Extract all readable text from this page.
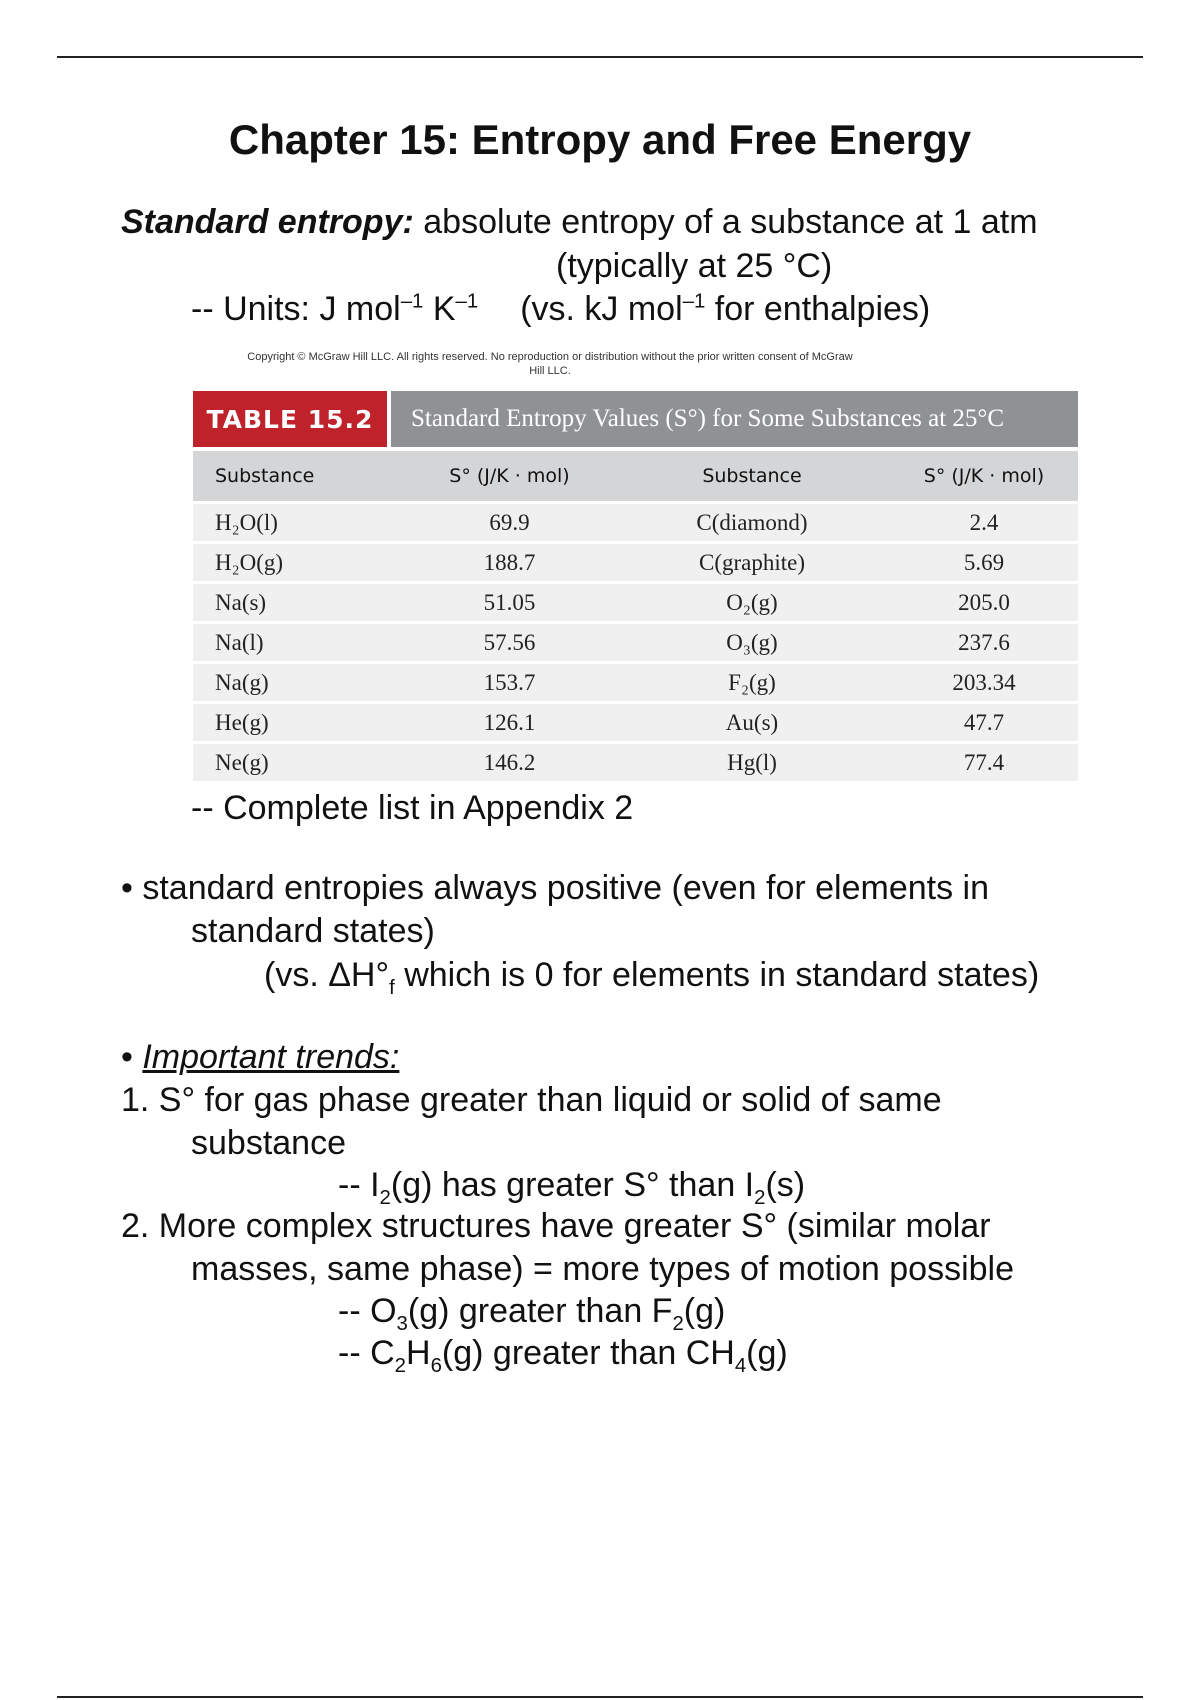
Chapter 15: Entropy and Free Energy
Standard entropy: absolute entropy of a substance at 1 atm
(typically at 25 °C)
-- Units: J mol$^{-1}$ $K^{-1}$ (vs. kJ mol$^{-1}$ for enthalpies)
Copyright © McGraw Hill LLC. All rights reserved. No reproduction or distribution without the prior written consent of McGraw Hill LLC.
TABLE 15.2	Standard Entropy Values (S°) for Some Substances at 25°C
Substance	S° (J/K · mol)	Substance	S° (J/K · mol)
H₂O(l)	69.9	C(diamond)	2.4
H₂O(g)	188.7	C(graphite)	5.69
Na(s)	51.05	O₂(g)	205.0
Na(l)	57.56	O₃(g)	237.6
Na(g)	153.7	F₂(g)	203.34
He(g)	126.1	Au(s)	47.7
Ne(g)	146.2	Hg(l)	77.4
-- Complete list in Appendix 2
• standard entropies always positive (even for elements in
standard states)
(vs. $\Delta H^\circ_f$ which is 0 for elements in standard states)
• Important trends:
1. S° for gas phase greater than liquid or solid of same
substance
-- $I_2(g)$ has greater S° than $I_2(s)$
2. More complex structures have greater S° (similar molar
masses, same phase) = more types of motion possible
-- $O_3(g)$ greater than $F_2(g)$
-- $C_2H_6(g)$ greater than $CH_4(g)$
